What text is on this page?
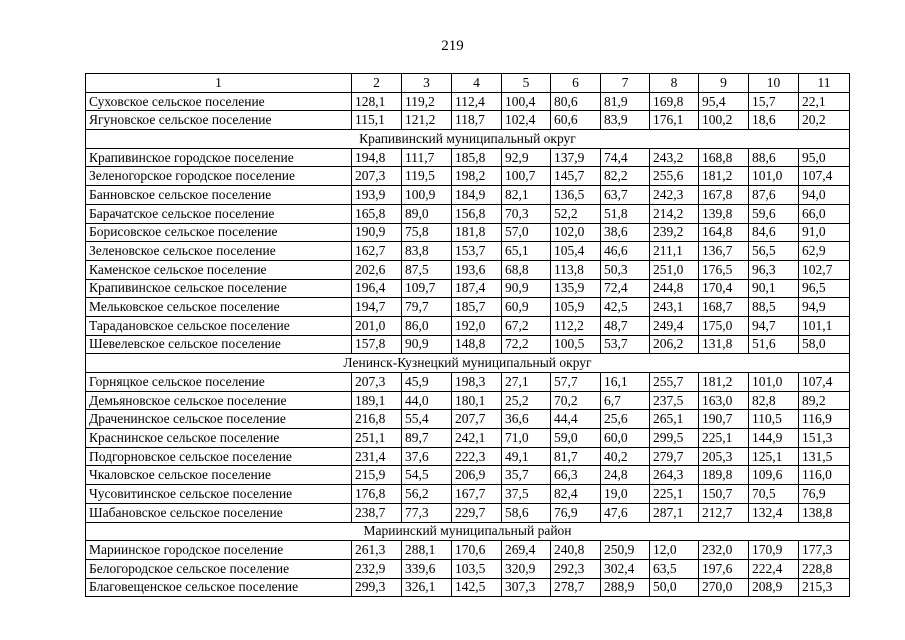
219
1	2	3	4	5	6	7	8	9	10	11
Суховское сельское поселение	128,1	119,2	112,4	100,4	80,6	81,9	169,8	95,4	15,7	22,1
Ягуновское сельское поселение	115,1	121,2	118,7	102,4	60,6	83,9	176,1	100,2	18,6	20,2
Крапивинский муниципальный округ										
Крапивинское городское поселение	194,8	111,7	185,8	92,9	137,9	74,4	243,2	168,8	88,6	95,0
Зеленогорское городское поселение	207,3	119,5	198,2	100,7	145,7	82,2	255,6	181,2	101,0	107,4
Банновское сельское поселение	193,9	100,9	184,9	82,1	136,5	63,7	242,3	167,8	87,6	94,0
Барачатское сельское поселение	165,8	89,0	156,8	70,3	52,2	51,8	214,2	139,8	59,6	66,0
Борисовское сельское поселение	190,9	75,8	181,8	57,0	102,0	38,6	239,2	164,8	84,6	91,0
Зеленовское сельское поселение	162,7	83,8	153,7	65,1	105,4	46,6	211,1	136,7	56,5	62,9
Каменское сельское поселение	202,6	87,5	193,6	68,8	113,8	50,3	251,0	176,5	96,3	102,7
Крапивинское сельское поселение	196,4	109,7	187,4	90,9	135,9	72,4	244,8	170,4	90,1	96,5
Мельковское сельское поселение	194,7	79,7	185,7	60,9	105,9	42,5	243,1	168,7	88,5	94,9
Тарадановское сельское поселение	201,0	86,0	192,0	67,2	112,2	48,7	249,4	175,0	94,7	101,1
Шевелевское сельское поселение	157,8	90,9	148,8	72,2	100,5	53,7	206,2	131,8	51,6	58,0
Ленинск-Кузнецкий муниципальный округ										
Горняцкое сельское поселение	207,3	45,9	198,3	27,1	57,7	16,1	255,7	181,2	101,0	107,4
Демьяновское сельское поселение	189,1	44,0	180,1	25,2	70,2	6,7	237,5	163,0	82,8	89,2
Драченинское сельское поселение	216,8	55,4	207,7	36,6	44,4	25,6	265,1	190,7	110,5	116,9
Краснинское сельское поселение	251,1	89,7	242,1	71,0	59,0	60,0	299,5	225,1	144,9	151,3
Подгорновское сельское поселение	231,4	37,6	222,3	49,1	81,7	40,2	279,7	205,3	125,1	131,5
Чкаловское сельское поселение	215,9	54,5	206,9	35,7	66,3	24,8	264,3	189,8	109,6	116,0
Чусовитинское сельское поселение	176,8	56,2	167,7	37,5	82,4	19,0	225,1	150,7	70,5	76,9
Шабановское сельское поселение	238,7	77,3	229,7	58,6	76,9	47,6	287,1	212,7	132,4	138,8
Мариинский муниципальный район										
Мариинское городское поселение	261,3	288,1	170,6	269,4	240,8	250,9	12,0	232,0	170,9	177,3
Белогородское сельское поселение	232,9	339,6	103,5	320,9	292,3	302,4	63,5	197,6	222,4	228,8
Благовещенское сельское поселение	299,3	326,1	142,5	307,3	278,7	288,9	50,0	270,0	208,9	215,3
